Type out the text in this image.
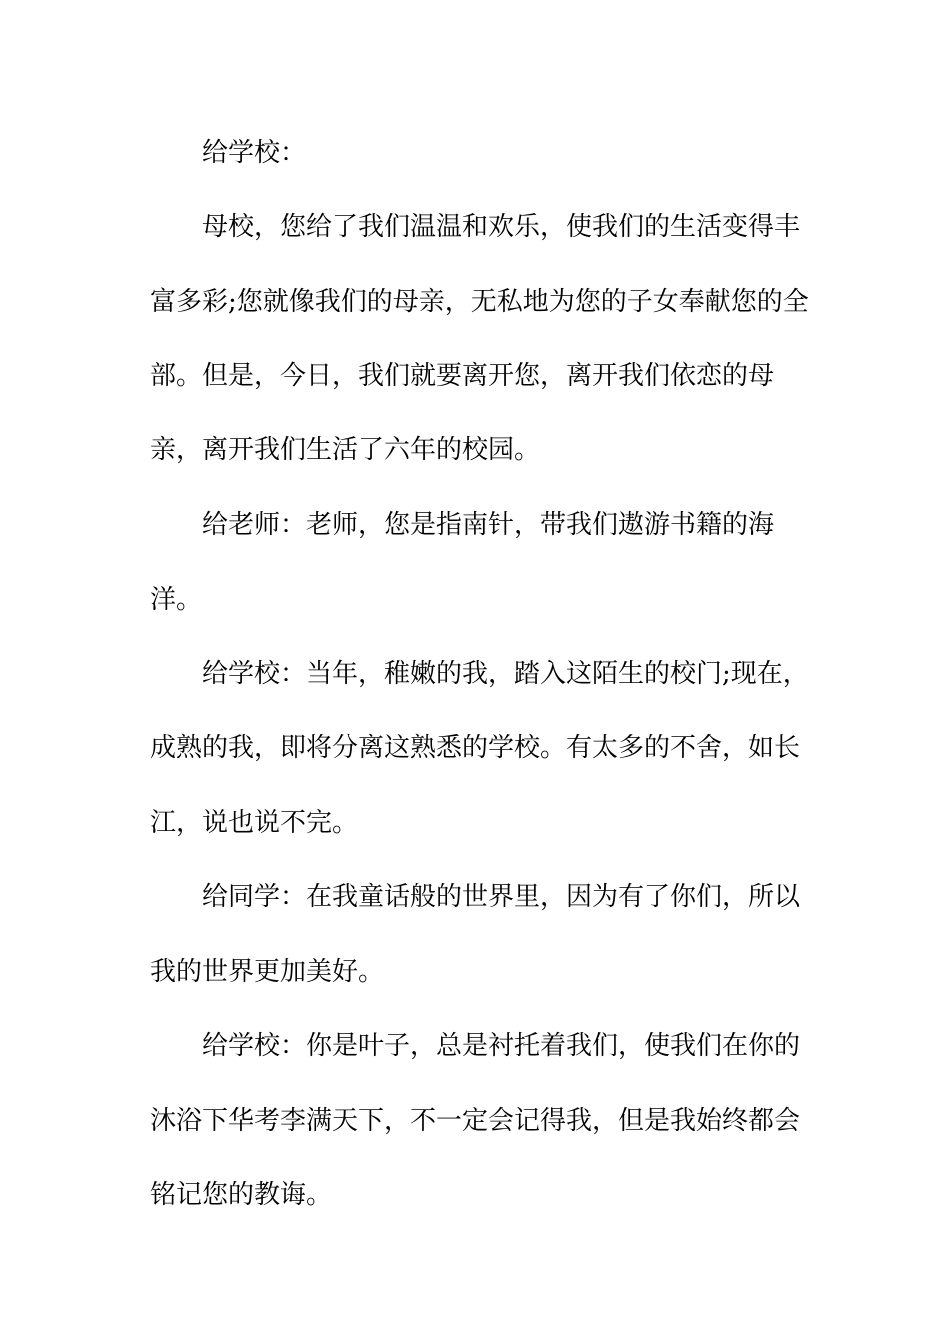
给学校：
母校，您给了我们温温和欢乐，使我们的生活变得丰
富多彩;您就像我们的母亲，无私地为您的子女奉献您的全
部。但是，今日，我们就要离开您，离开我们依恋的母
亲，离开我们生活了六年的校园。
给老师：老师，您是指南针，带我们遨游书籍的海
洋。
给学校：当年，稚嫩的我，踏入这陌生的校门;现在，
成熟的我，即将分离这熟悉的学校。有太多的不舍，如长
江，说也说不完。
给同学：在我童话般的世界里，因为有了你们，所以
我的世界更加美好。
给学校：你是叶子，总是衬托着我们，使我们在你的
沐浴下华考李满天下，不一定会记得我，但是我始终都会
铭记您的教诲。
